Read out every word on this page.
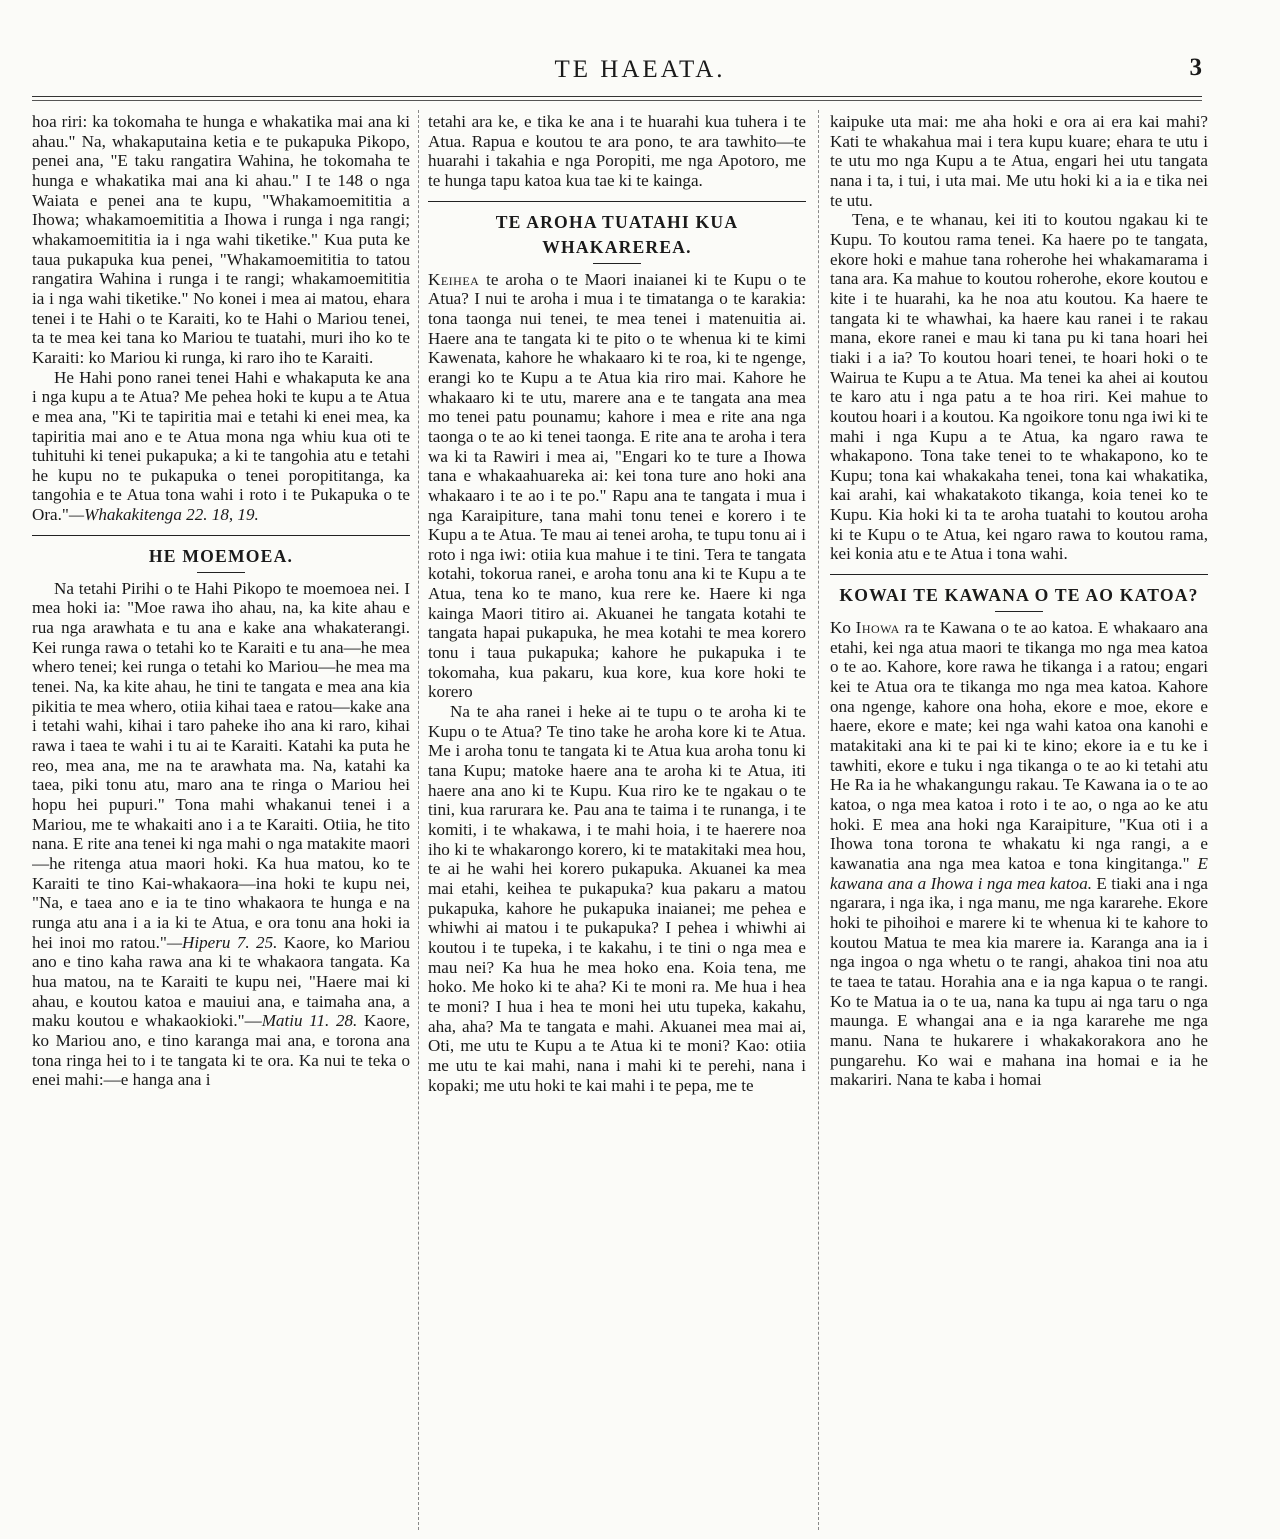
TE HAEATA.	3

hoa riri: ka tokomaha te hunga e whakatika mai ana ki ahau." Na, whakaputaina ketia e te pukapuka Pikopo, penei ana, "E taku rangatira Wahina, he tokomaha te hunga e whakatika mai ana ki ahau." I te 148 o nga Waiata e penei ana te kupu, "Whakamoemititia a Ihowa; whakamoemititia a Ihowa i runga i nga rangi; whakamoemititia ia i nga wahi tiketike." Kua puta ke taua pukapuka kua penei, "Whakamoemititia to tatou rangatira Wahina i runga i te rangi; whakamoemititia ia i nga wahi tiketike." No konei i mea ai matou, ehara tenei i te Hahi o te Karaiti, ko te Hahi o Mariou tenei, ta te mea kei tana ko Mariou te tuatahi, muri iho ko te Karaiti: ko Mariou ki runga, ki raro iho te Karaiti.

He Hahi pono ranei tenei Hahi e whakaputa ke ana i nga kupu a te Atua? Me pehea hoki te kupu a te Atua e mea ana, "Ki te tapiritia mai e tetahi ki enei mea, ka tapiritia mai ano e te Atua mona nga whiu kua oti te tuhituhi ki tenei pukapuka; a ki te tangohia atu e tetahi he kupu no te pukapuka o tenei poropititanga, ka tangohia e te Atua tona wahi i roto i te Pukapuka o te Ora."—Whakakitenga 22. 18, 19.

HE MOEMOEA.

Na tetahi Pirihi o te Hahi Pikopo te moemoea nei. I mea hoki ia: "Moe rawa iho ahau, na, ka kite ahau e rua nga arawhata e tu ana e kake ana whakaterangi. Kei runga rawa o tetahi ko te Karaiti e tu ana—he mea whero tenei; kei runga o tetahi ko Mariou—he mea ma tenei. Na, ka kite ahau, he tini te tangata e mea ana kia pikitia te mea whero, otiia kihai taea e ratou—kake ana i tetahi wahi, kihai i taro paheke iho ana ki raro, kihai rawa i taea te wahi i tu ai te Karaiti. Katahi ka puta he reo, mea ana, me na te arawhata ma. Na, katahi ka taea, piki tonu atu, maro ana te ringa o Mariou hei hopu hei pupuri." Tona mahi whakanui tenei i a Mariou, me te whakaiti ano i a te Karaiti. Otiia, he tito nana. E rite ana tenei ki nga mahi o nga matakite maori—he ritenga atua maori hoki. Ka hua matou, ko te Karaiti te tino Kai-whakaora—ina hoki te kupu nei, "Na, e taea ano e ia te tino whakaora te hunga e na runga atu ana i a ia ki te Atua, e ora tonu ana hoki ia hei inoi mo ratou."—Hiperu 7. 25. Kaore, ko Mariou ano e tino kaha rawa ana ki te whakaora tangata. Ka hua matou, na te Karaiti te kupu nei, "Haere mai ki ahau, e koutou katoa e mauiui ana, e taimaha ana, a maku koutou e whakaokioki."—Matiu 11. 28. Kaore, ko Mariou ano, e tino karanga mai ana, e torona ana tona ringa hei to i te tangata ki te ora. Ka nui te teka o enei mahi:—e hanga ana i

tetahi ara ke, e tika ke ana i te huarahi kua tuhera i te Atua. Rapua e koutou te ara pono, te ara tawhito—te huarahi i takahia e nga Poropiti, me nga Apotoro, me te hunga tapu katoa kua tae ki te kainga.

TE AROHA TUATAHI KUA WHAKAREREA.

Keihea te aroha o te Maori inaianei ki te Kupu o te Atua? I nui te aroha i mua i te timatanga o te karakia: tona taonga nui tenei, te mea tenei i matenuitia ai. Haere ana te tangata ki te pito o te whenua ki te kimi Kawenata, kahore he whakaaro ki te roa, ki te ngenge, erangi ko te Kupu a te Atua kia riro mai. Kahore he whakaaro ki te utu, marere ana e te tangata ana mea mo tenei patu pounamu; kahore i mea e rite ana nga taonga o te ao ki tenei taonga. E rite ana te aroha i tera wa ki ta Rawiri i mea ai, "Engari ko te ture a Ihowa tana e whakaahuareka ai: kei tona ture ano hoki ana whakaaro i te ao i te po." Rapu ana te tangata i mua i nga Karaipiture, tana mahi tonu tenei e korero i te Kupu a te Atua. Te mau ai tenei aroha, te tupu tonu ai i roto i nga iwi: otiia kua mahue i te tini. Tera te tangata kotahi, tokorua ranei, e aroha tonu ana ki te Kupu a te Atua, tena ko te mano, kua rere ke. Haere ki nga kainga Maori titiro ai. Akuanei he tangata kotahi te tangata hapai pukapuka, he mea kotahi te mea korero tonu i taua pukapuka; kahore he pukapuka i te tokomaha, kua pakaru, kua kore, kua kore hoki te korero

Na te aha ranei i heke ai te tupu o te aroha ki te Kupu o te Atua? Te tino take he aroha kore ki te Atua. Me i aroha tonu te tangata ki te Atua kua aroha tonu ki tana Kupu; matoke haere ana te aroha ki te Atua, iti haere ana ano ki te Kupu. Kua riro ke te ngakau o te tini, kua rarurara ke. Pau ana te taima i te runanga, i te komiti, i te whakawa, i te mahi hoia, i te haerere noa iho ki te whakarongo korero, ki te matakitaki mea hou, te ai he wahi hei korero pukapuka. Akuanei ka mea mai etahi, keihea te pukapuka? kua pakaru a matou pukapuka, kahore he pukapuka inaianei; me pehea e whiwhi ai matou i te pukapuka? I pehea i whiwhi ai koutou i te tupeka, i te kakahu, i te tini o nga mea e mau nei? Ka hua he mea hoko ena. Koia tena, me hoko. Me hoko ki te aha? Ki te moni ra. Me hua i hea te moni? I hua i hea te moni hei utu tupeka, kakahu, aha, aha? Ma te tangata e mahi. Akuanei mea mai ai, Oti, me utu te Kupu a te Atua ki te moni? Kao: otiia me utu te kai mahi, nana i mahi ki te perehi, nana i kopaki; me utu hoki te kai mahi i te pepa, me te

kaipuke uta mai: me aha hoki e ora ai era kai mahi? Kati te whakahua mai i tera kupu kuare; ehara te utu i te utu mo nga Kupu a te Atua, engari hei utu tangata nana i ta, i tui, i uta mai. Me utu hoki ki a ia e tika nei te utu.

Tena, e te whanau, kei iti to koutou ngakau ki te Kupu. To koutou rama tenei. Ka haere po te tangata, ekore hoki e mahue tana roherohe hei whakamarama i tana ara. Ka mahue to koutou roherohe, ekore koutou e kite i te huarahi, ka he noa atu koutou. Ka haere te tangata ki te whawhai, ka haere kau ranei i te rakau mana, ekore ranei e mau ki tana pu ki tana hoari hei tiaki i a ia? To koutou hoari tenei, te hoari hoki o te Wairua te Kupu a te Atua. Ma tenei ka ahei ai koutou te karo atu i nga patu a te hoa riri. Kei mahue to koutou hoari i a koutou. Ka ngoikore tonu nga iwi ki te mahi i nga Kupu a te Atua, ka ngaro rawa te whakapono. Tona take tenei to te whakapono, ko te Kupu; tona kai whakakaha tenei, tona kai whakatika, kai arahi, kai whakatakoto tikanga, koia tenei ko te Kupu. Kia hoki ki ta te aroha tuatahi to koutou aroha ki te Kupu o te Atua, kei ngaro rawa to koutou rama, kei konia atu e te Atua i tona wahi.

KOWAI TE KAWANA O TE AO KATOA?

Ko Ihowa ra te Kawana o te ao katoa. E whakaaro ana etahi, kei nga atua maori te tikanga mo nga mea katoa o te ao. Kahore, kore rawa he tikanga i a ratou; engari kei te Atua ora te tikanga mo nga mea katoa. Kahore ona ngenge, kahore ona hoha, ekore e moe, ekore e haere, ekore e mate; kei nga wahi katoa ona kanohi e matakitaki ana ki te pai ki te kino; ekore ia e tu ke i tawhiti, ekore e tuku i nga tikanga o te ao ki tetahi atu He Ra ia he whakangungu rakau. Te Kawana ia o te ao katoa, o nga mea katoa i roto i te ao, o nga ao ke atu hoki. E mea ana hoki nga Karaipiture, "Kua oti i a Ihowa tona torona te whakatu ki nga rangi, a e kawanatia ana nga mea katoa e tona kingitanga." E kawana ana a Ihowa i nga mea katoa. E tiaki ana i nga ngarara, i nga ika, i nga manu, me nga kararehe. Ekore hoki te pihoihoi e marere ki te whenua ki te kahore to koutou Matua te mea kia marere ia. Karanga ana ia i nga ingoa o nga whetu o te rangi, ahakoa tini noa atu te taea te tatau. Horahia ana e ia nga kapua o te rangi. Ko te Matua ia o te ua, nana ka tupu ai nga taru o nga maunga. E whangai ana e ia nga kararehe me nga manu. Nana te hukarere i whakakorakora ano he pungarehu. Ko wai e mahana ina homai e ia he makariri. Nana te kaba i homai
